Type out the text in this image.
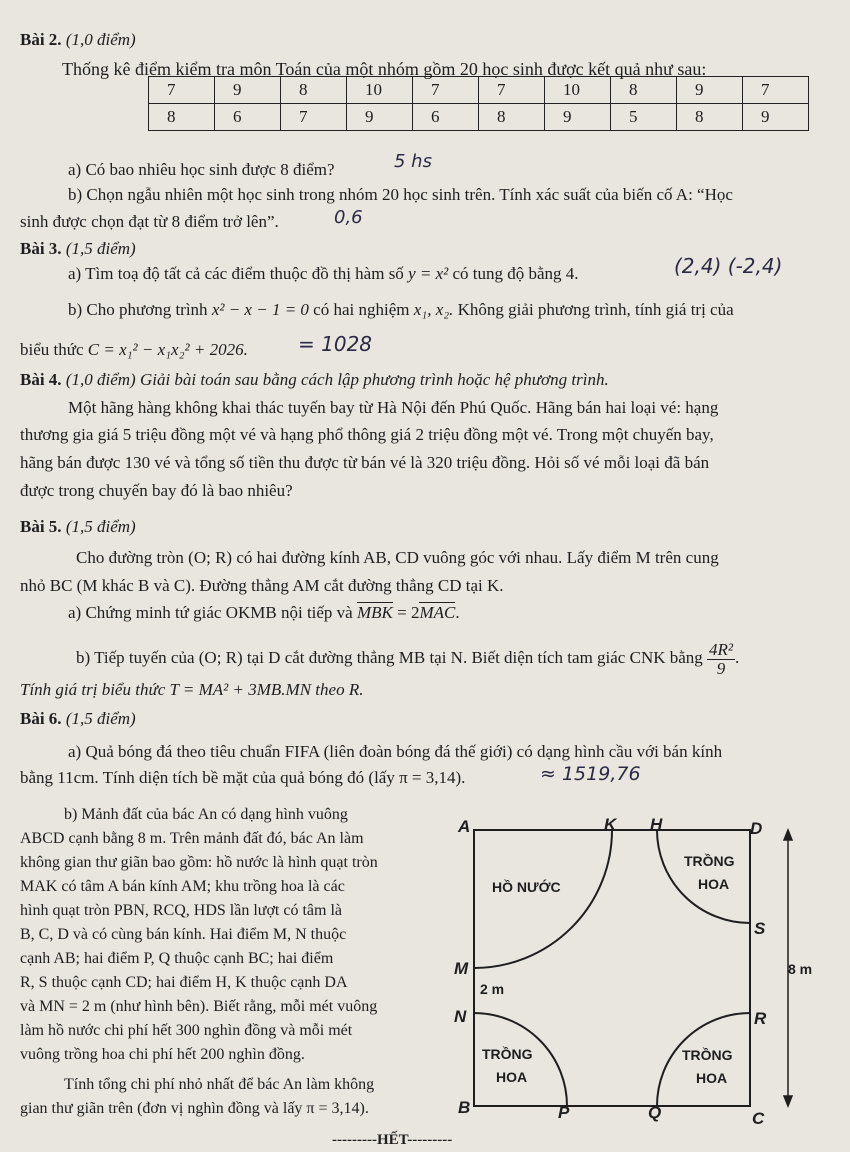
Bài 2. (1,0 điểm)
Thống kê điểm kiểm tra môn Toán của một nhóm gồm 20 học sinh được kết quả như sau:
7	9	8	10	7	7	10	8	9	7
8	6	7	9	6	8	9	5	8	9
a) Có bao nhiêu học sinh được 8 điểm?	5 hs
b) Chọn ngẫu nhiên một học sinh trong nhóm 20 học sinh trên. Tính xác suất của biến cố A: “Học
sinh được chọn đạt từ 8 điểm trở lên”.	0,6
Bài 3. (1,5 điểm)
a) Tìm toạ độ tất cả các điểm thuộc đồ thị hàm số y = x² có tung độ bằng 4.	(2,4) (-2,4)
b) Cho phương trình x² − x − 1 = 0 có hai nghiệm x₁, x₂. Không giải phương trình, tính giá trị của
biểu thức C = x₁² − x₁x₂² + 2026.	= 1028
Bài 4. (1,0 điểm) Giải bài toán sau bằng cách lập phương trình hoặc hệ phương trình.
Một hãng hàng không khai thác tuyến bay từ Hà Nội đến Phú Quốc. Hãng bán hai loại vé: hạng
thương gia giá 5 triệu đồng một vé và hạng phổ thông giá 2 triệu đồng một vé. Trong một chuyến bay,
hãng bán được 130 vé và tổng số tiền thu được từ bán vé là 320 triệu đồng. Hỏi số vé mỗi loại đã bán
được trong chuyến bay đó là bao nhiêu?
Bài 5. (1,5 điểm)
Cho đường tròn (O; R) có hai đường kính AB, CD vuông góc với nhau. Lấy điểm M trên cung
nhỏ BC (M khác B và C). Đường thẳng AM cắt đường thẳng CD tại K.
a) Chứng minh tứ giác OKMB nội tiếp và MBK = 2MAC.
b) Tiếp tuyến của (O; R) tại D cắt đường thẳng MB tại N. Biết diện tích tam giác CNK bằng $\frac{\text{4R²}}{9}$ .
Tính giá trị biểu thức T = MA² + 3MB.MN theo R.
Bài 6. (1,5 điểm)
a) Quả bóng đá theo tiêu chuẩn FIFA (liên đoàn bóng đá thế giới) có dạng hình cầu với bán kính
bằng 11cm. Tính diện tích bề mặt của quả bóng đó (lấy π = 3,14).	≈ 1519,76
b) Mảnh đất của bác An có dạng hình vuông
ABCD cạnh bằng 8 m. Trên mảnh đất đó, bác An làm
không gian thư giãn bao gồm: hồ nước là hình quạt tròn
MAK có tâm A bán kính AM; khu trồng hoa là các
hình quạt tròn PBN, RCQ, HDS lần lượt có tâm là
B, C, D và có cùng bán kính. Hai điểm M, N thuộc
cạnh AB; hai điểm P, Q thuộc cạnh BC; hai điểm
R, S thuộc cạnh CD; hai điểm H, K thuộc cạnh DA
và MN = 2 m (như hình bên). Biết rằng, mỗi mét vuông
làm hồ nước chi phí hết 300 nghìn đồng và mỗi mét
vuông trồng hoa chi phí hết 200 nghìn đồng.
Tính tổng chi phí nhỏ nhất để bác An làm không
gian thư giãn trên (đơn vị nghìn đồng và lấy π = 3,14).
A	K H	D
M
N
B	P	Q	C
S
R
HỒ NƯỚC
TRỒNG
HOA
TRỒNG
HOA
TRỒNG
HOA
8 m
2 m
---------HẾT---------
